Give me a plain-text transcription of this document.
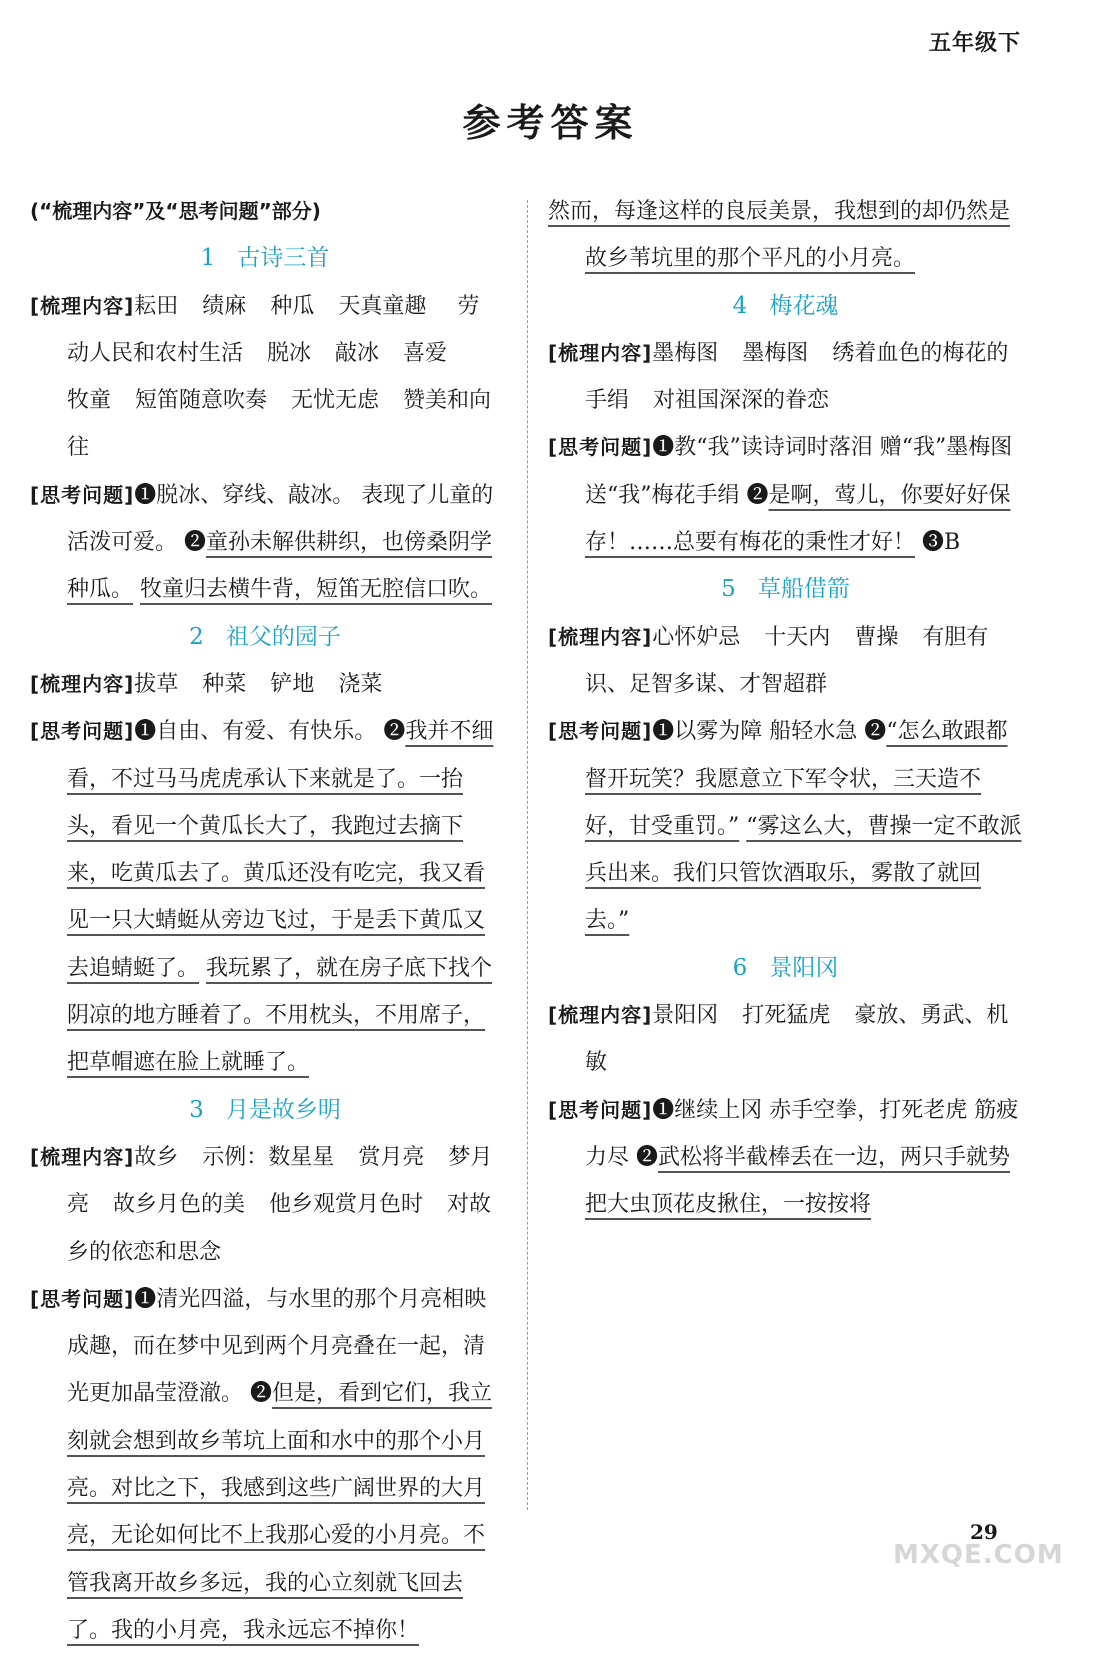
五年级下
参考答案

(“梳理内容”及“思考问题”部分)

1 古诗三首

[梳理内容]耘田 绩麻 种瓜 天真童趣 劳动人民和农村生活 脱冰 敲冰 喜爱 牧童 短笛随意吹奏 无忧无虑 赞美和向往

[思考问题]❶脱冰、穿线、敲冰。 表现了儿童的活泼可爱。 ❷童孙未解供耕织，也傍桑阴学种瓜。 牧童归去横牛背，短笛无腔信口吹。

2 祖父的园子

[梳理内容]拔草 种菜 铲地 浇菜

[思考问题]❶自由、有爱、有快乐。 ❷我并不细看，不过马马虎虎承认下来就是了。一抬头，看见一个黄瓜长大了，我跑过去摘下来，吃黄瓜去了。黄瓜还没有吃完，我又看见一只大蜻蜓从旁边飞过，于是丢下黄瓜又去追蜻蜓了。 我玩累了，就在房子底下找个阴凉的地方睡着了。不用枕头，不用席子，把草帽遮在脸上就睡了。

3 月是故乡明

[梳理内容]故乡 示例：数星星 赏月亮 梦月亮 故乡月色的美 他乡观赏月色时 对故乡的依恋和思念

[思考问题]❶清光四溢，与水里的那个月亮相映成趣，而在梦中见到两个月亮叠在一起，清光更加晶莹澄澈。 ❷但是，看到它们，我立刻就会想到故乡苇坑上面和水中的那个小月亮。对比之下，我感到这些广阔世界的大月亮，无论如何比不上我那心爱的小月亮。不管我离开故乡多远，我的心立刻就飞回去了。我的小月亮，我永远忘不掉你！

然而，每逢这样的良辰美景，我想到的却仍然是故乡苇坑里的那个平凡的小月亮。

4 梅花魂

[梳理内容]墨梅图 墨梅图 绣着血色的梅花的手绢 对祖国深深的眷恋

[思考问题]❶教“我”读诗词时落泪 赠“我”墨梅图 送“我”梅花手绢 ❷是啊，莺儿，你要好好保存！……总要有梅花的秉性才好！ ❸B

5 草船借箭

[梳理内容]心怀妒忌 十天内 曹操 有胆有识、足智多谋、才智超群

[思考问题]❶以雾为障 船轻水急 ❷“怎么敢跟都督开玩笑？我愿意立下军令状，三天造不好，甘受重罚。” “雾这么大，曹操一定不敢派兵出来。我们只管饮酒取乐，雾散了就回去。”

6 景阳冈

[梳理内容]景阳冈 打死猛虎 豪放、勇武、机敏

[思考问题]❶继续上冈 赤手空拳，打死老虎 筋疲力尽 ❷武松将半截棒丢在一边，两只手就势把大虫顶花皮揪住，一按按将

29
MXQE.COM
